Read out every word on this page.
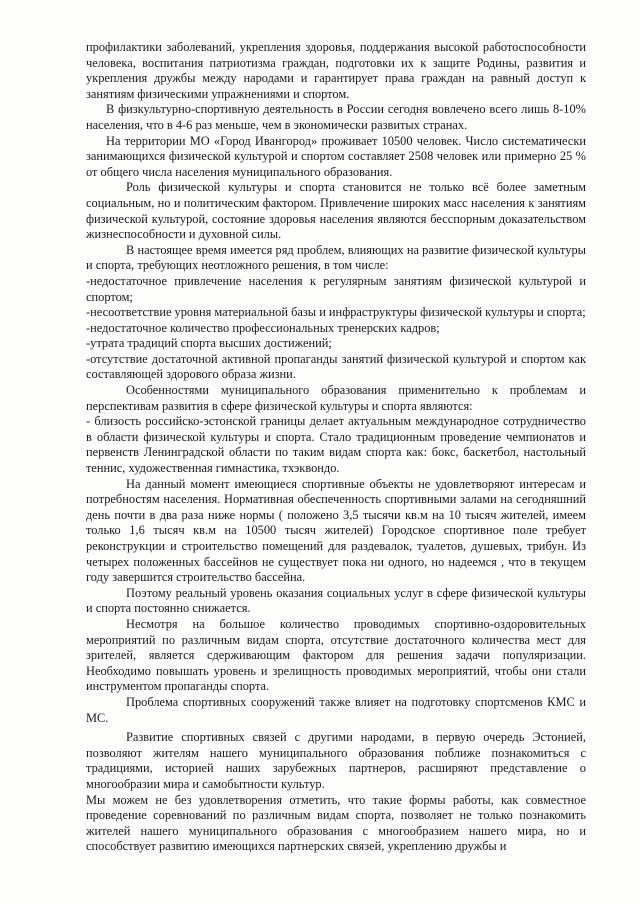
профилактики заболеваний, укрепления здоровья, поддержания высокой работоспособности человека, воспитания патриотизма граждан, подготовки их к защите Родины, развития и укрепления дружбы между народами и гарантирует права граждан на равный доступ к занятиям физическими упражнениями и спортом.

В физкультурно-спортивную деятельность в России сегодня вовлечено всего лишь 8-10% населения, что в 4-6 раз меньше, чем в экономически развитых странах.

На территории МО «Город Ивангород» проживает 10500 человек. Число систематически занимающихся физической культурой и спортом составляет 2508 человек или примерно 25 % от общего числа населения муниципального образования.

Роль физической культуры и спорта становится не только всё более заметным социальным, но и политическим фактором. Привлечение широких масс населения к занятиям физической культурой, состояние здоровья населения являются бесспорным доказательством жизнеспособности и духовной силы.

В настоящее время имеется ряд проблем, влияющих на развитие физической культуры и спорта, требующих неотложного решения, в том числе:

-недостаточное привлечение населения к регулярным занятиям физической культурой и спортом;

-несоответствие уровня материальной базы и инфраструктуры физической культуры и спорта;

-недостаточное количество профессиональных тренерских кадров;

-утрата традиций спорта высших достижений;

-отсутствие достаточной активной пропаганды занятий физической культурой и спортом как составляющей здорового образа жизни.

Особенностями муниципального образования применительно к проблемам и перспективам развития в сфере физической культуры и спорта являются:

- близость российско-эстонской границы делает актуальным международное сотрудничество в области физической культуры и спорта. Стало традиционным проведение чемпионатов и первенств Ленинградской области по таким видам спорта как: бокс, баскетбол, настольный теннис, художественная гимнастика, тхэквондо.

На данный момент имеющиеся спортивные объекты не удовлетворяют интересам и потребностям населения. Нормативная обеспеченность спортивными залами на сегодняшний день почти в два раза ниже нормы ( положено 3,5 тысячи кв.м на 10 тысяч жителей, имеем только 1,6 тысяч кв.м на 10500 тысяч жителей) Городское спортивное поле требует реконструкции и строительство помещений для раздевалок, туалетов, душевых, трибун. Из четырех положенных бассейнов не существует пока ни одного, но надеемся , что в текущем году завершится строительство бассейна.

Поэтому реальный уровень оказания социальных услуг в сфере физической культуры и спорта постоянно снижается.

Несмотря на большое количество проводимых спортивно-оздоровительных мероприятий по различным видам спорта, отсутствие достаточного количества мест для зрителей, является сдерживающим фактором для решения задачи популяризации. Необходимо повышать уровень и зрелищность проводимых мероприятий, чтобы они стали инструментом пропаганды спорта.

Проблема спортивных сооружений также влияет на подготовку спортсменов КМС и МС.

Развитие спортивных связей с другими народами, в первую очередь Эстонией, позволяют жителям нашего муниципального образования поближе познакомиться с традициями, историей наших зарубежных партнеров, расширяют представление о многообразии мира и самобытности культур.

Мы можем не без удовлетворения отметить, что такие формы работы, как совместное проведение соревнований по различным видам спорта, позволяет не только познакомить жителей нашего муниципального образования с многообразием нашего мира, но и способствует развитию имеющихся партнерских связей, укреплению дружбы и
